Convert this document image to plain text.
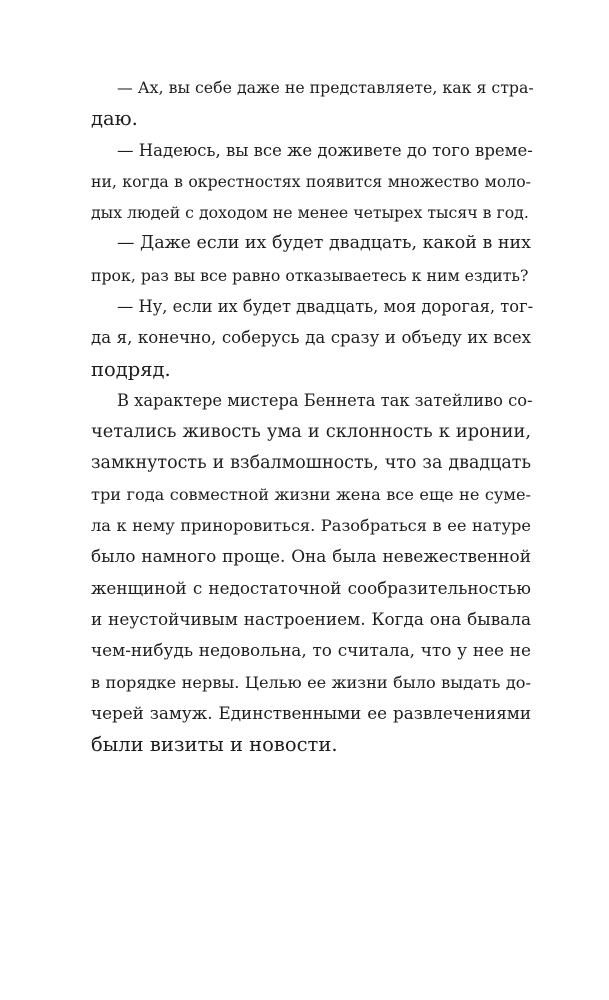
— Ах, вы себе даже не представляете, как я стра-
даю.
— Надеюсь, вы все же доживете до того време-
ни, когда в окрестностях появится множество моло-
дых людей с доходом не менее четырех тысяч в год.
— Даже если их будет двадцать, какой в них
прок, раз вы все равно отказываетесь к ним ездить?
— Ну, если их будет двадцать, моя дорогая, тог-
да я, конечно, соберусь да сразу и объеду их всех
подряд.
В характере мистера Беннета так затейливо со-
четались живость ума и склонность к иронии,
замкнутость и взбалмошность, что за двадцать
три года совместной жизни жена все еще не суме-
ла к нему приноровиться. Разобраться в ее натуре
было намного проще. Она была невежественной
женщиной с недостаточной сообразительностью
и неустойчивым настроением. Когда она бывала
чем-нибудь недовольна, то считала, что у нее не
в порядке нервы. Целью ее жизни было выдать до-
черей замуж. Единственными ее развлечениями
были визиты и новости.
